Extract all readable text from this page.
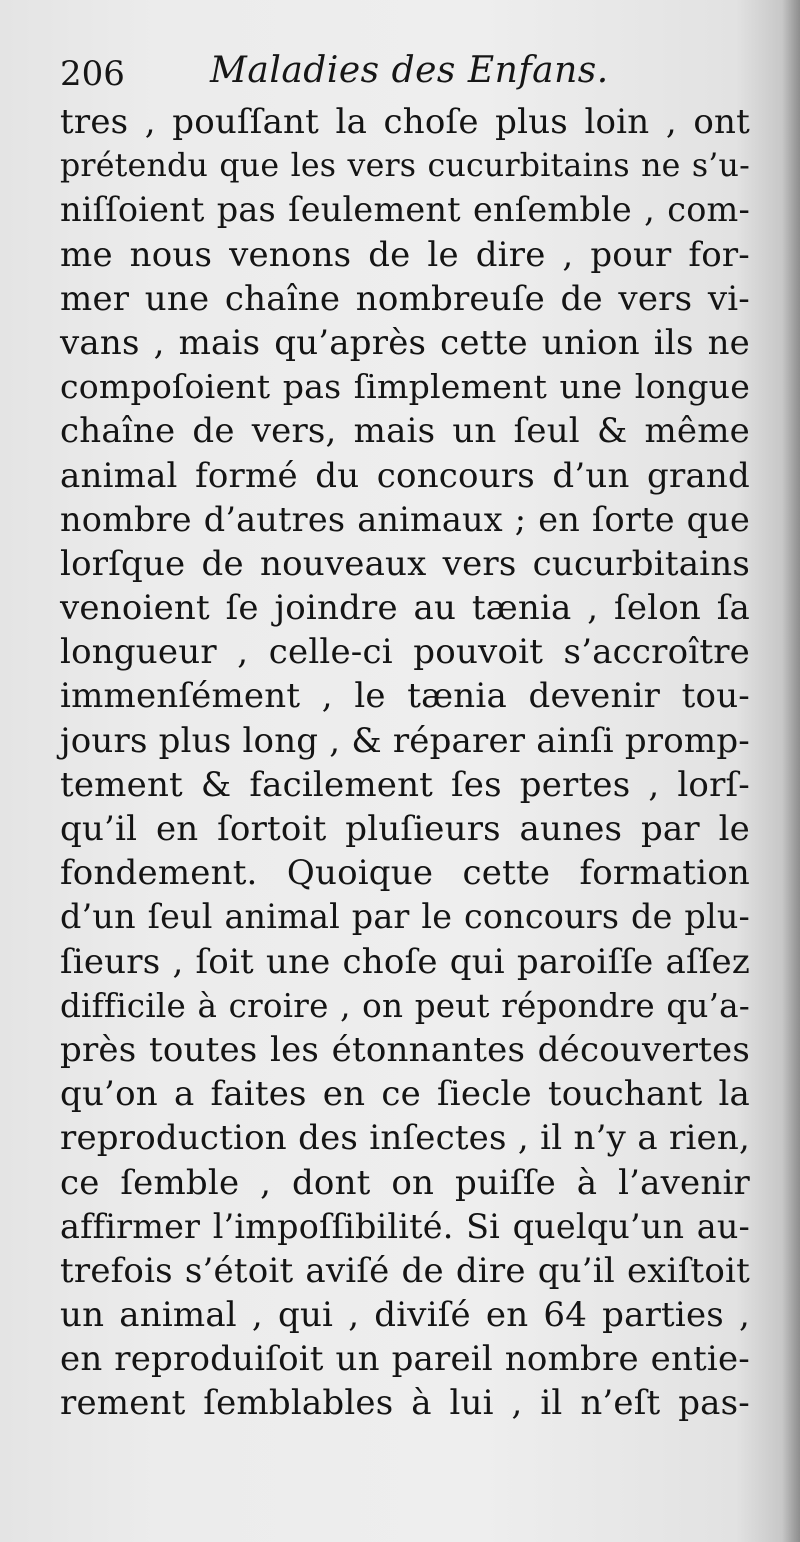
206 Maladies des Enfans.
tres , pouſſant la choſe plus loin , ont
prétendu que les vers cucurbitains ne s’u-
niſſoient pas ſeulement enſemble , com-
me nous venons de le dire , pour for-
mer une chaîne nombreuſe de vers vi-
vans , mais qu’après cette union ils ne
compoſoient pas ſimplement une longue
chaîne de vers, mais un ſeul & même
animal formé du concours d’un grand
nombre d’autres animaux ; en ſorte que
lorſque de nouveaux vers cucurbitains
venoient ſe joindre au tænia , ſelon ſa
longueur , celle-ci pouvoit s’accroître
immenſément , le tænia devenir tou-
jours plus long , & réparer ainſi promp-
tement & facilement ſes pertes , lorſ-
qu’il en ſortoit pluſieurs aunes par le
fondement. Quoique cette formation
d’un ſeul animal par le concours de plu-
ſieurs , ſoit une choſe qui paroiſſe aſſez
difficile à croire , on peut répondre qu’a-
près toutes les étonnantes découvertes
qu’on a faites en ce ſiecle touchant la
reproduction des inſectes , il n’y a rien,
ce ſemble , dont on puiſſe à l’avenir
affirmer l’impoſſibilité. Si quelqu’un au-
trefois s’étoit aviſé de dire qu’il exiſtoit
un animal , qui , diviſé en 64 parties ,
en reproduiſoit un pareil nombre entie-
rement ſemblables à lui , il n’eſt pas-
